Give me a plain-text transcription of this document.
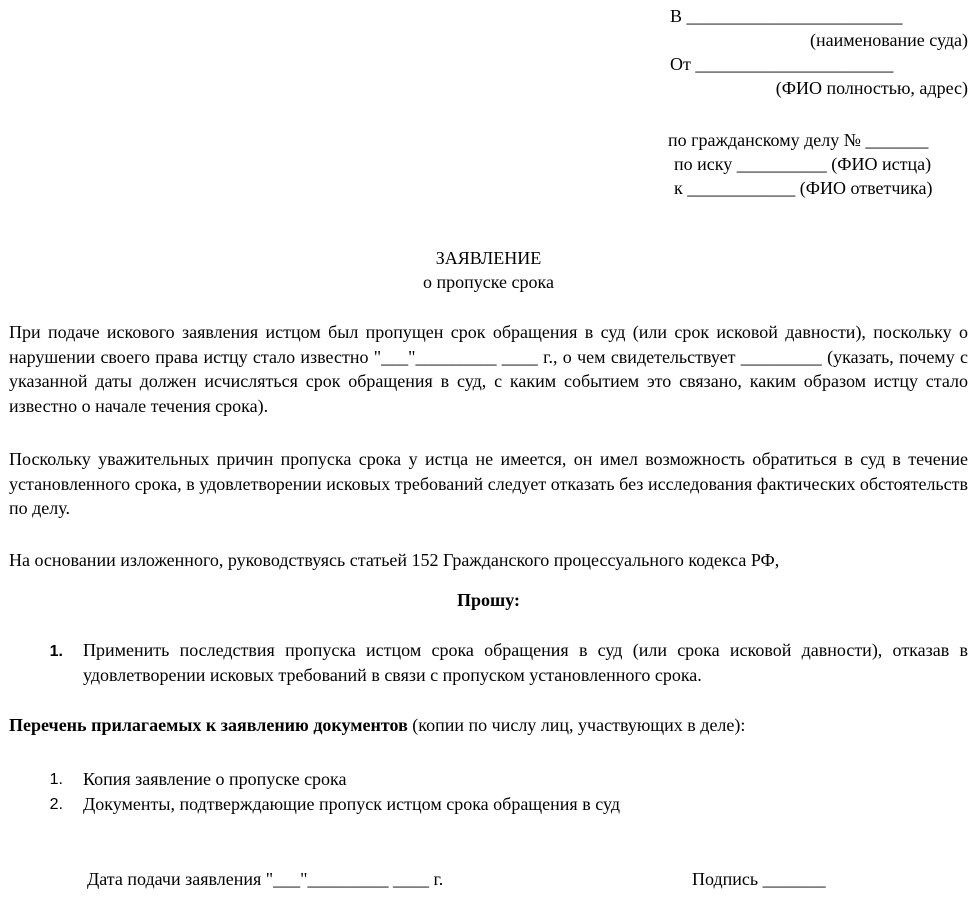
В ________________________
(наименование суда)
От ______________________
(ФИО полностью, адрес)
по гражданскому делу № _______
по иску __________ (ФИО истца)
к ____________ (ФИО ответчика)
ЗАЯВЛЕНИЕ
о пропуске срока
При подаче искового заявления истцом был пропущен срок обращения в суд (или срок исковой давности), поскольку о нарушении своего права истцу стало известно "___"_________ ____ г., о чем свидетельствует _________ (указать, почему с указанной даты должен исчисляться срок обращения в суд, с каким событием это связано, каким образом истцу стало известно о начале течения срока).
Поскольку уважительных причин пропуска срока у истца не имеется, он имел возможность обратиться в суд в течение установленного срока, в удовлетворении исковых требований следует отказать без исследования фактических обстоятельств по делу.
На основании изложенного, руководствуясь статьей 152 Гражданского процессуального кодекса РФ,
Прошу:
1. Применить последствия пропуска истцом срока обращения в суд (или срока исковой давности), отказав в удовлетворении исковых требований в связи с пропуском установленного срока.
Перечень прилагаемых к заявлению документов (копии по числу лиц, участвующих в деле):
1. Копия заявление о пропуске срока
2. Документы, подтверждающие пропуск истцом срока обращения в суд
Дата подачи заявления "___"_________ ____ г.	Подпись _______
